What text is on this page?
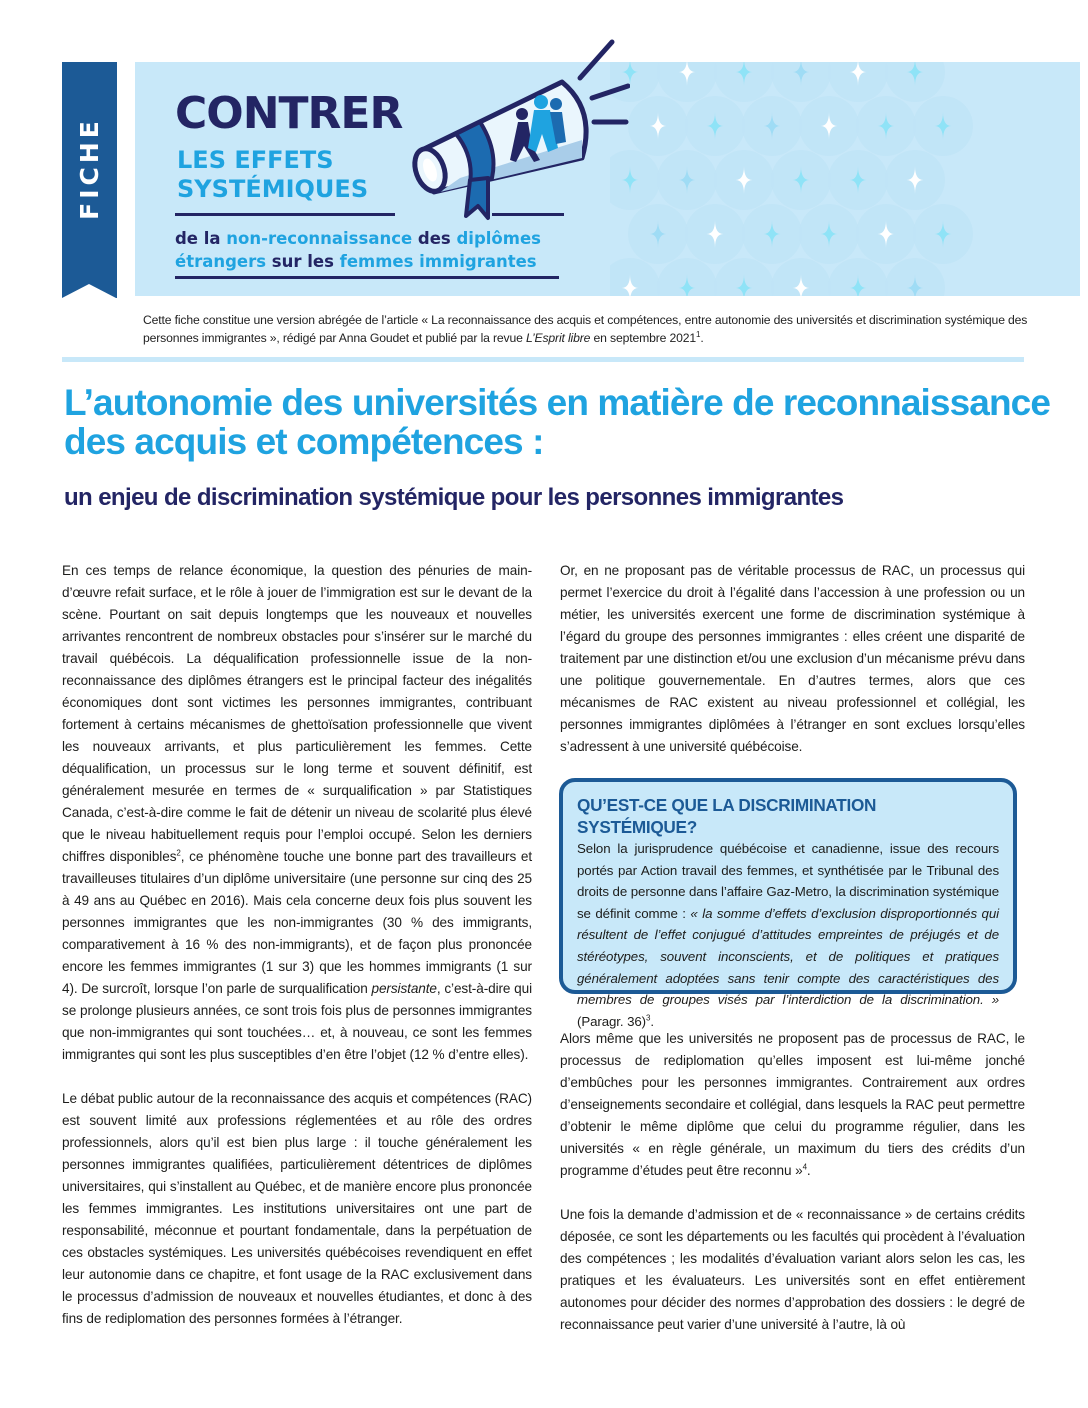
FICHE
CONTRER
LES EFFETS
SYSTÉMIQUES
de la non-reconnaissance des diplômes
étrangers sur les femmes immigrantes
Cette fiche constitue une version abrégée de l’article « La reconnaissance des acquis et compétences, entre autonomie des universités et discrimination systémique des personnes immigrantes », rédigé par Anna Goudet et publié par la revue L’Esprit libre en septembre 2021$^1$.
L’autonomie des universités en matière de reconnaissance des acquis et compétences :
un enjeu de discrimination systémique pour les personnes immigrantes

En ces temps de relance économique, la question des pénuries de main-d’œuvre refait surface, et le rôle à jouer de l’immigration est sur le devant de la scène. Pourtant on sait depuis longtemps que les nouveaux et nouvelles arrivantes rencontrent de nombreux obstacles pour s’insérer sur le marché du travail québécois. La déqualification professionnelle issue de la non-reconnaissance des diplômes étrangers est le principal facteur des inégalités économiques dont sont victimes les personnes immigrantes, contribuant fortement à certains mécanismes de ghettoïsation professionnelle que vivent les nouveaux arrivants, et plus particulièrement les femmes. Cette déqualification, un processus sur le long terme et souvent définitif, est généralement mesurée en termes de « surqualification » par Statistiques Canada, c’est-à-dire comme le fait de détenir un niveau de scolarité plus élevé que le niveau habituellement requis pour l’emploi occupé. Selon les derniers chiffres disponibles$^2$, ce phénomène touche une bonne part des travailleurs et travailleuses titulaires d’un diplôme universitaire (une personne sur cinq des 25 à 49 ans au Québec en 2016). Mais cela concerne deux fois plus souvent les personnes immigrantes que les non-immigrantes (30 % des immigrants, comparativement à 16 % des non-immigrants), et de façon plus prononcée encore les femmes immigrantes (1 sur 3) que les hommes immigrants (1 sur 4). De surcroît, lorsque l’on parle de surqualification persistante, c’est-à-dire qui se prolonge plusieurs années, ce sont trois fois plus de personnes immigrantes que non-immigrantes qui sont touchées… et, à nouveau, ce sont les femmes immigrantes qui sont les plus susceptibles d’en être l’objet (12 % d’entre elles).

Le débat public autour de la reconnaissance des acquis et compétences (RAC) est souvent limité aux professions réglementées et au rôle des ordres professionnels, alors qu’il est bien plus large : il touche généralement les personnes immigrantes qualifiées, particulièrement détentrices de diplômes universitaires, qui s’installent au Québec, et de manière encore plus prononcée les femmes immigrantes. Les institutions universitaires ont une part de responsabilité, méconnue et pourtant fondamentale, dans la perpétuation de ces obstacles systémiques. Les universités québécoises revendiquent en effet leur autonomie dans ce chapitre, et font usage de la RAC exclusivement dans le processus d’admission de nouveaux et nouvelles étudiantes, et donc à des fins de rediplomation des personnes formées à l’étranger.

Or, en ne proposant pas de véritable processus de RAC, un processus qui permet l’exercice du droit à l’égalité dans l’accession à une profession ou un métier, les universités exercent une forme de discrimination systémique à l’égard du groupe des personnes immigrantes : elles créent une disparité de traitement par une distinction et/ou une exclusion d’un mécanisme prévu dans une politique gouvernementale. En d’autres termes, alors que ces mécanismes de RAC existent au niveau professionnel et collégial, les personnes immigrantes diplômées à l’étranger en sont exclues lorsqu’elles s’adressent à une université québécoise.

QU’EST-CE QUE LA DISCRIMINATION SYSTÉMIQUE?
Selon la jurisprudence québécoise et canadienne, issue des recours portés par Action travail des femmes, et synthétisée par le Tribunal des droits de personne dans l’affaire Gaz-Metro, la discrimination systémique se définit comme : « la somme d’effets d’exclusion disproportionnés qui résultent de l’effet conjugué d’attitudes empreintes de préjugés et de stéréotypes, souvent inconscients, et de politiques et pratiques généralement adoptées sans tenir compte des caractéristiques des membres de groupes visés par l’interdiction de la discrimination. » (Paragr. 36)$^3$.

Alors même que les universités ne proposent pas de processus de RAC, le processus de rediplomation qu’elles imposent est lui-même jonché d’embûches pour les personnes immigrantes. Contrairement aux ordres d’enseignements secondaire et collégial, dans lesquels la RAC peut permettre d’obtenir le même diplôme que celui du programme régulier, dans les universités « en règle générale, un maximum du tiers des crédits d’un programme d’études peut être reconnu »$^4$.

Une fois la demande d’admission et de « reconnaissance » de certains crédits déposée, ce sont les départements ou les facultés qui procèdent à l’évaluation des compétences ; les modalités d’évaluation variant alors selon les cas, les pratiques et les évaluateurs. Les universités sont en effet entièrement autonomes pour décider des normes d’approbation des dossiers : le degré de reconnaissance peut varier d’une université à l’autre, là où
